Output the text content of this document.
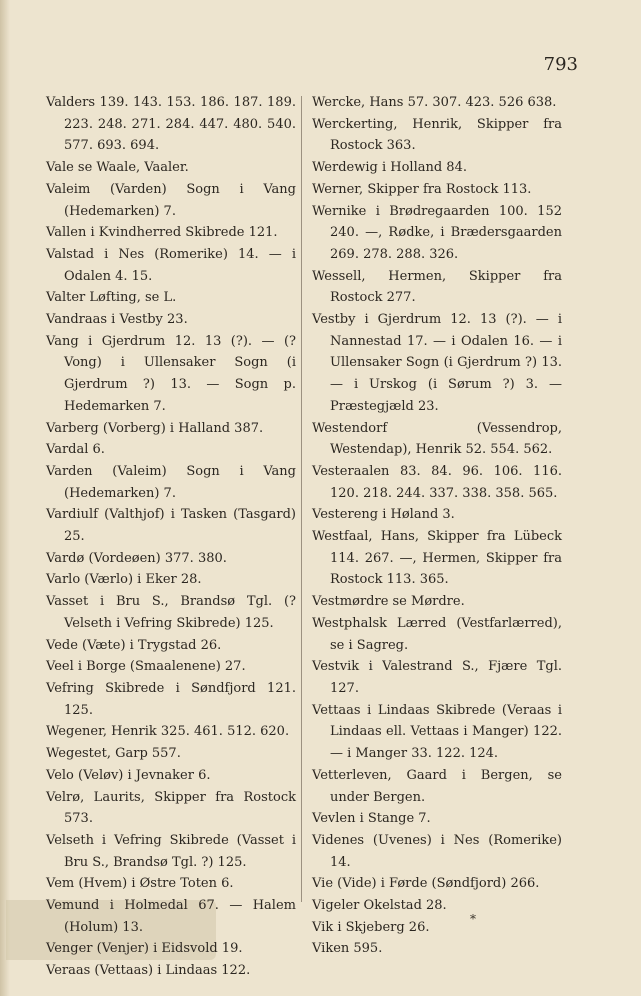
793

Valders 139. 143. 153. 186. 187. 189. 223. 248. 271. 284. 447. 480. 540. 577. 693. 694.

Vale se Waale, Vaaler.

Valeim (Varden) Sogn i Vang (Hedemarken) 7.

Vallen i Kvindherred Skibrede 121.

Valstad i Nes (Romerike) 14. — i Odalen 4. 15.

Valter Løfting, se L.

Vandraas i Vestby 23.

Vang i Gjerdrum 12. 13 (?). — (? Vong) i Ullensaker Sogn (i Gjerdrum ?) 13. — Sogn p. Hedemarken 7.

Varberg (Vorberg) i Halland 387.

Vardal 6.

Varden (Valeim) Sogn i Vang (Hedemarken) 7.

Vardiulf (Valthjof) i Tasken (Tasgard) 25.

Vardø (Vordeøen) 377. 380.

Varlo (Værlo) i Eker 28.

Vasset i Bru S., Brandsø Tgl. (? Velseth i Vefring Skibrede) 125.

Vede (Væte) i Trygstad 26.

Veel i Borge (Smaalenene) 27.

Vefring Skibrede i Søndfjord 121. 125.

Wegener, Henrik 325. 461. 512. 620.

Wegestet, Garp 557.

Velo (Veløv) i Jevnaker 6.

Velrø, Laurits, Skipper fra Rostock 573.

Velseth i Vefring Skibrede (Vasset i Bru S., Brandsø Tgl. ?) 125.

Vem (Hvem) i Østre Toten 6.

Vemund i Holmedal 67. — Halem (Holum) 13.

Venger (Venjer) i Eidsvold 19.

Veraas (Vettaas) i Lindaas 122.

Wercke, Hans 57. 307. 423. 526 638.

Werckerting, Henrik, Skipper fra Rostock 363.

Werdewig i Holland 84.

Werner, Skipper fra Rostock 113.

Wernike i Brødregaarden 100. 152 240. —, Rødke, i Brædersgaarden 269. 278. 288. 326.

Wessell, Hermen, Skipper fra Rostock 277.

Vestby i Gjerdrum 12. 13 (?). — i Nannestad 17. — i Odalen 16. — i Ullensaker Sogn (i Gjerdrum ?) 13. — i Urskog (i Sørum ?) 3. — Præstegjæld 23.

Westendorf (Vessendrop, Westendap), Henrik 52. 554. 562.

Vesteraalen 83. 84. 96. 106. 116. 120. 218. 244. 337. 338. 358. 565.

Vestereng i Høland 3.

Westfaal, Hans, Skipper fra Lübeck 114. 267. —, Hermen, Skipper fra Rostock 113. 365.

Vestmørdre se Mørdre.

Westphalsk Lærred (Vestfarlærred), se i Sagreg.

Vestvik i Valestrand S., Fjære Tgl. 127.

Vettaas i Lindaas Skibrede (Veraas i Lindaas ell. Vettaas i Manger) 122. — i Manger 33. 122. 124.

Vetterleven, Gaard i Bergen, se under Bergen.

Vevlen i Stange 7.

Videnes (Uvenes) i Nes (Romerike) 14.

Vie (Vide) i Førde (Søndfjord) 266.

Vigeler Okelstad 28.

Vik i Skjeberg 26.

Viken 595.

*
